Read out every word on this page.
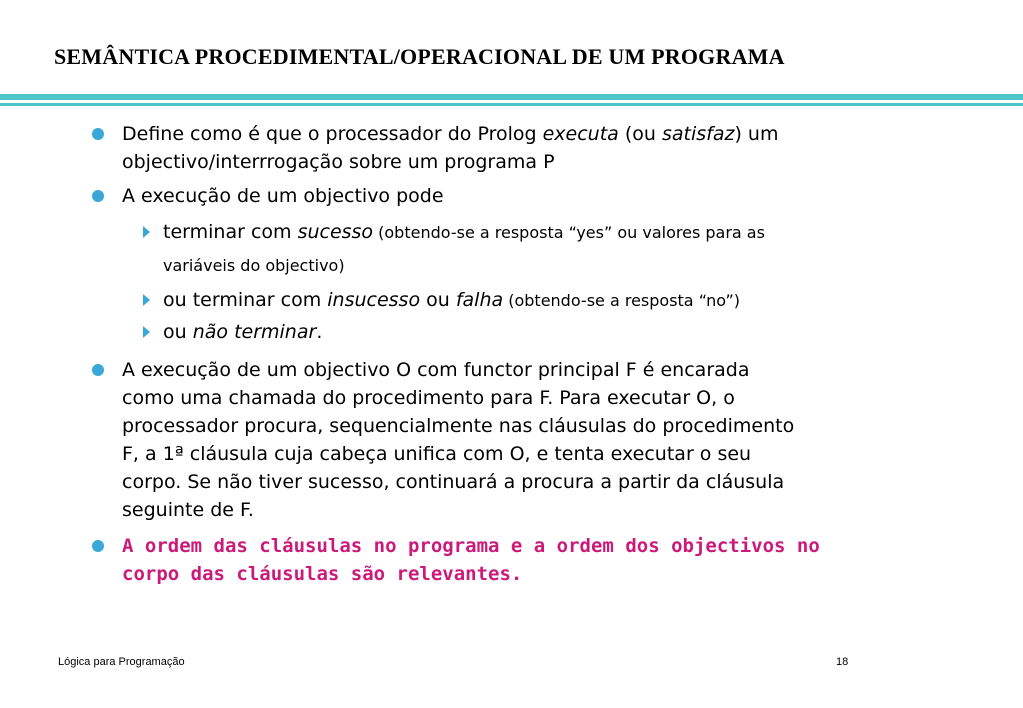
SEMÂNTICA PROCEDIMENTAL/OPERACIONAL DE UM PROGRAMA
Define como é que o processador do Prolog executa (ou satisfaz) um
objectivo/interrrogação sobre um programa P
A execução de um objectivo pode
terminar com sucesso (obtendo-se a resposta “yes” ou valores para as
variáveis do objectivo)
ou terminar com insucesso ou falha (obtendo-se a resposta “no”)
ou não terminar.
A execução de um objectivo O com functor principal F é encarada
como uma chamada do procedimento para F. Para executar O, o
processador procura, sequencialmente nas cláusulas do procedimento
F, a 1ª cláusula cuja cabeça unifica com O, e tenta executar o seu
corpo. Se não tiver sucesso, continuará a procura a partir da cláusula
seguinte de F.
A ordem das cláusulas no programa e a ordem dos objectivos no
corpo das cláusulas são relevantes.
Lógica para Programação	18
